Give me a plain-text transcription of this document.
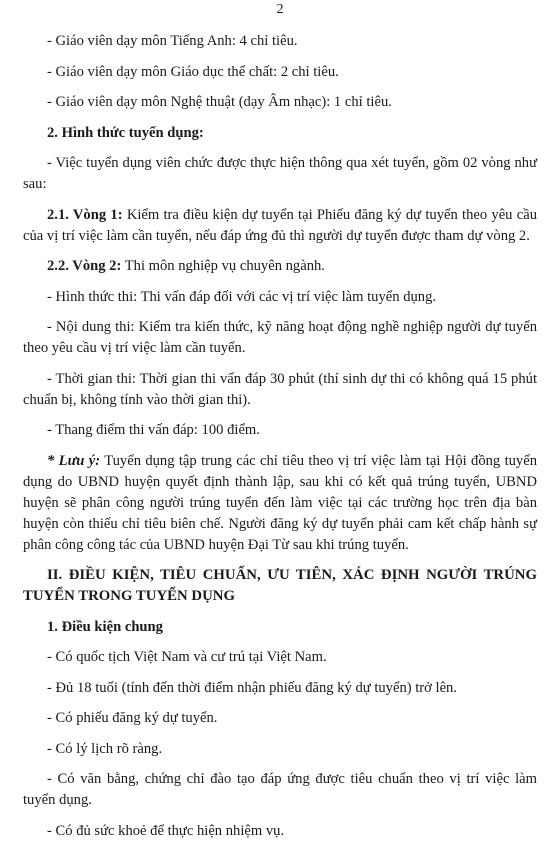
2

- Giáo viên dạy môn Tiếng Anh: 4 chỉ tiêu.

- Giáo viên dạy môn Giáo dục thể chất: 2 chỉ tiêu.

- Giáo viên dạy môn Nghệ thuật (dạy Âm nhạc): 1 chỉ tiêu.

2. Hình thức tuyển dụng:

- Việc tuyển dụng viên chức được thực hiện thông qua xét tuyển, gồm 02 vòng như sau:

2.1. Vòng 1: Kiểm tra điều kiện dự tuyển tại Phiếu đăng ký dự tuyển theo yêu cầu của vị trí việc làm cần tuyển, nếu đáp ứng đủ thì người dự tuyển được tham dự vòng 2.

2.2. Vòng 2: Thi môn nghiệp vụ chuyên ngành.

- Hình thức thi: Thi vấn đáp đối với các vị trí việc làm tuyển dụng.

- Nội dung thi: Kiểm tra kiến thức, kỹ năng hoạt động nghề nghiệp người dự tuyển theo yêu cầu vị trí việc làm cần tuyển.

- Thời gian thi: Thời gian thi vấn đáp 30 phút (thí sinh dự thi có không quá 15 phút chuẩn bị, không tính vào thời gian thi).

- Thang điểm thi vấn đáp: 100 điểm.

* Lưu ý: Tuyển dụng tập trung các chỉ tiêu theo vị trí việc làm tại Hội đồng tuyển dụng do UBND huyện quyết định thành lập, sau khi có kết quả trúng tuyển, UBND huyện sẽ phân công người trúng tuyển đến làm việc tại các trường học trên địa bàn huyện còn thiếu chỉ tiêu biên chế. Người đăng ký dự tuyển phải cam kết chấp hành sự phân công công tác của UBND huyện Đại Từ sau khi trúng tuyển.

II. ĐIỀU KIỆN, TIÊU CHUẨN, ƯU TIÊN, XÁC ĐỊNH NGƯỜI TRÚNG TUYỂN TRONG TUYỂN DỤNG

1. Điều kiện chung

- Có quốc tịch Việt Nam và cư trú tại Việt Nam.

- Đủ 18 tuổi (tính đến thời điểm nhận phiếu đăng ký dự tuyển) trở lên.

- Có phiếu đăng ký dự tuyển.

- Có lý lịch rõ ràng.

- Có văn bằng, chứng chỉ đào tạo đáp ứng được tiêu chuẩn theo vị trí việc làm tuyển dụng.

- Có đủ sức khoẻ để thực hiện nhiệm vụ.
